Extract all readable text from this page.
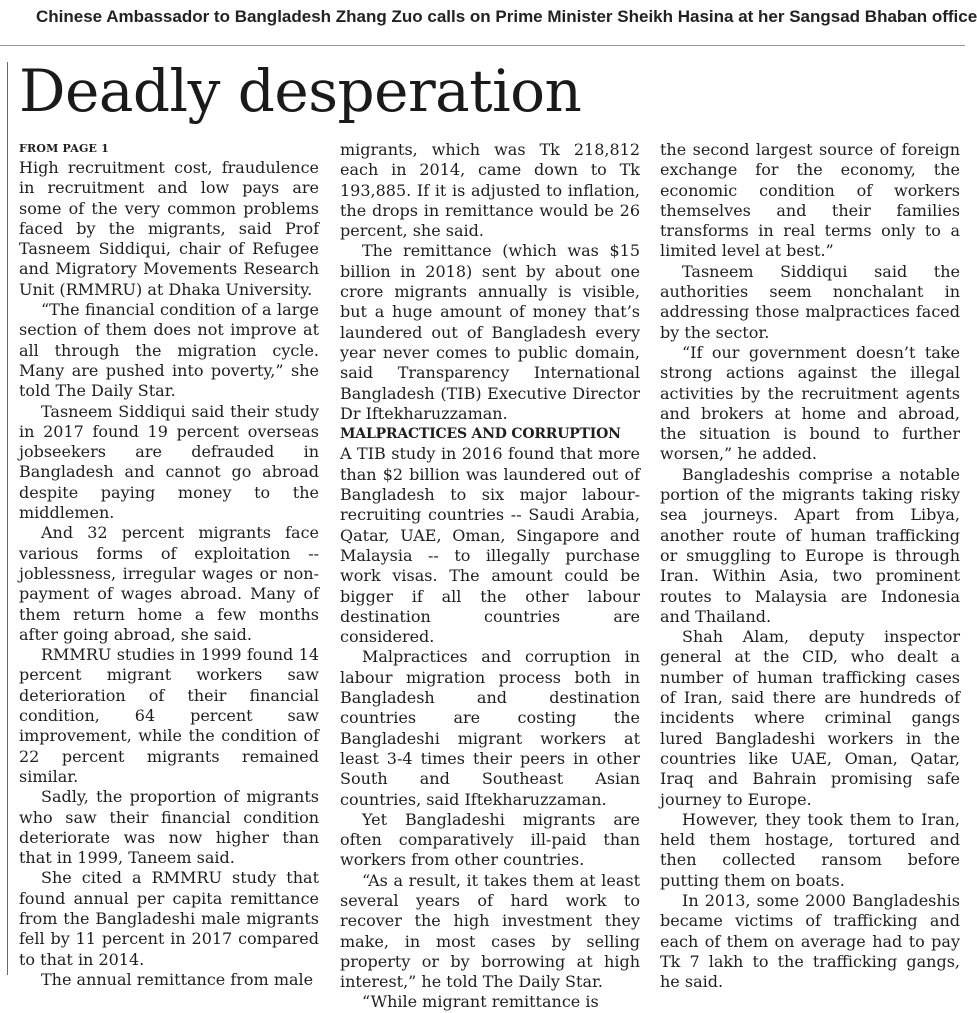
Chinese Ambassador to Bangladesh Zhang Zuo calls on Prime Minister Sheikh Hasina at her Sangsad Bhaban office
Deadly desperation
FROM PAGE 1

High recruitment cost, fraudulence in recruitment and low pays are some of the very common problems faced by the migrants, said Prof Tasneem Siddiqui, chair of Refugee and Migratory Movements Research Unit (RMMRU) at Dhaka University.

“The financial condition of a large section of them does not improve at all through the migration cycle. Many are pushed into poverty,” she told The Daily Star.

Tasneem Siddiqui said their study in 2017 found 19 percent overseas jobseekers are defrauded in Bangladesh and cannot go abroad despite paying money to the middlemen.

And 32 percent migrants face various forms of exploitation -- joblessness, irregular wages or non-payment of wages abroad. Many of them return home a few months after going abroad, she said.

RMMRU studies in 1999 found 14 percent migrant workers saw deterioration of their financial condition, 64 percent saw improvement, while the condition of 22 percent migrants remained similar.

Sadly, the proportion of migrants who saw their financial condition deteriorate was now higher than that in 1999, Taneem said.

She cited a RMMRU study that found annual per capita remittance from the Bangladeshi male migrants fell by 11 percent in 2017 compared to that in 2014.

The annual remittance from male

migrants, which was Tk 218,812 each in 2014, came down to Tk 193,885. If it is adjusted to inflation, the drops in remittance would be 26 percent, she said.

The remittance (which was $15 billion in 2018) sent by about one crore migrants annually is visible, but a huge amount of money that’s laundered out of Bangladesh every year never comes to public domain, said Transparency International Bangladesh (TIB) Executive Director Dr Iftekharuzzaman.

MALPRACTICES AND CORRUPTION

A TIB study in 2016 found that more than $2 billion was laundered out of Bangladesh to six major labour-recruiting countries -- Saudi Arabia, Qatar, UAE, Oman, Singapore and Malaysia -- to illegally purchase work visas. The amount could be bigger if all the other labour destination countries are considered.

Malpractices and corruption in labour migration process both in Bangladesh and destination countries are costing the Bangladeshi migrant workers at least 3-4 times their peers in other South and Southeast Asian countries, said Iftekharuzzaman.

Yet Bangladeshi migrants are often comparatively ill-paid than workers from other countries.

“As a result, it takes them at least several years of hard work to recover the high investment they make, in most cases by selling property or by borrowing at high interest,” he told The Daily Star.

“While migrant remittance is

the second largest source of foreign exchange for the economy, the economic condition of workers themselves and their families transforms in real terms only to a limited level at best.”

Tasneem Siddiqui said the authorities seem nonchalant in addressing those malpractices faced by the sector.

“If our government doesn’t take strong actions against the illegal activities by the recruitment agents and brokers at home and abroad, the situation is bound to further worsen,” he added.

Bangladeshis comprise a notable portion of the migrants taking risky sea journeys. Apart from Libya, another route of human trafficking or smuggling to Europe is through Iran. Within Asia, two prominent routes to Malaysia are Indonesia and Thailand.

Shah Alam, deputy inspector general at the CID, who dealt a number of human trafficking cases of Iran, said there are hundreds of incidents where criminal gangs lured Bangladeshi workers in the countries like UAE, Oman, Qatar, Iraq and Bahrain promising safe journey to Europe.

However, they took them to Iran, held them hostage, tortured and then collected ransom before putting them on boats.

In 2013, some 2000 Bangladeshis became victims of trafficking and each of them on average had to pay Tk 7 lakh to the trafficking gangs, he said.
